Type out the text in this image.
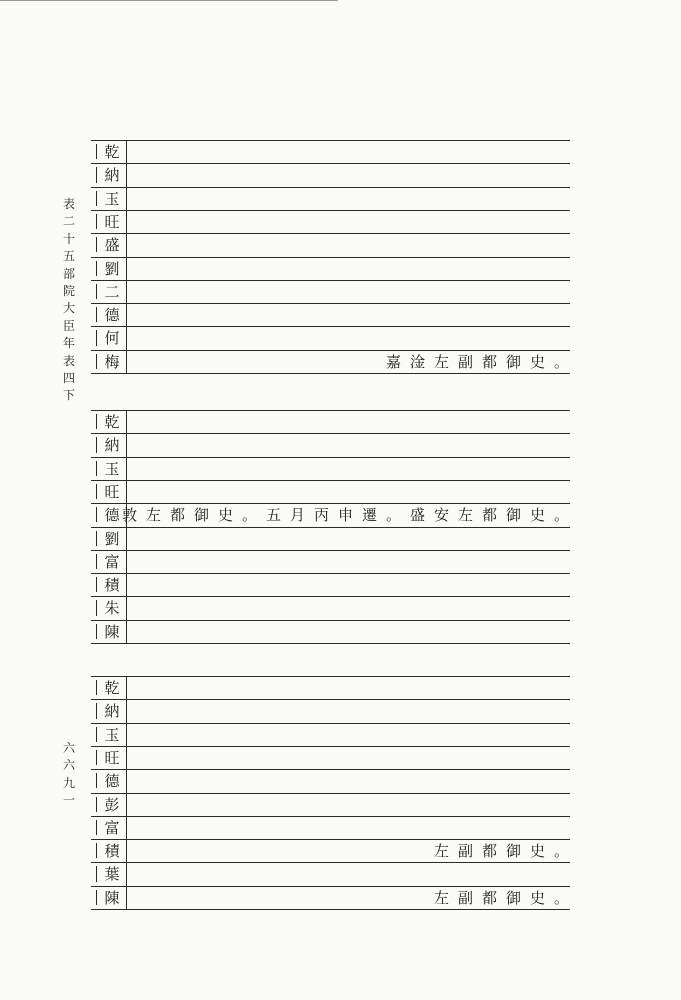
表二十五　部院大臣年表四下
六六九一
乾
納
玉
旺
盛
劉
二
德
何
梅	嘉淦左副都御史。
乾
納
玉
旺
德
劉
富
積
朱
陳
敦左都御史。五月丙申遷。盛安左都御史。
乾
納
玉
旺
德
彭
富
積
葉
陳
左副都御史。
左副都御史。
